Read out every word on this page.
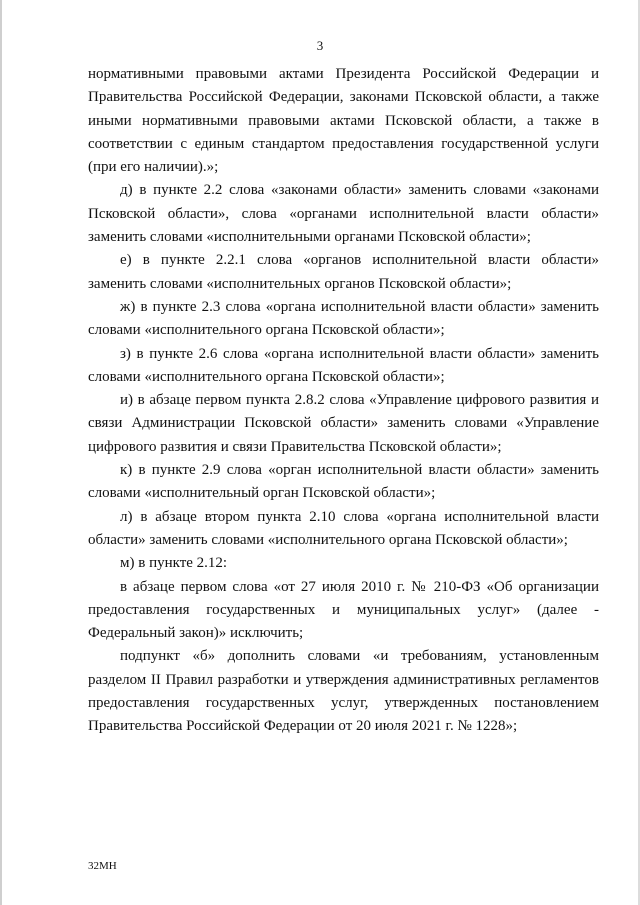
3

нормативными правовыми актами Президента Российской Федерации и Правительства Российской Федерации, законами Псковской области, а также иными нормативными правовыми актами Псковской области, а также в соответствии с единым стандартом предоставления государственной услуги (при его наличии).»;

д) в пункте 2.2 слова «законами области» заменить словами «законами Псковской области», слова «органами исполнительной власти области» заменить словами «исполнительными органами Псковской области»;

е) в пункте 2.2.1 слова «органов исполнительной власти области» заменить словами «исполнительных органов Псковской области»;

ж) в пункте 2.3 слова «органа исполнительной власти области» заменить словами «исполнительного органа Псковской области»;

з) в пункте 2.6 слова «органа исполнительной власти области» заменить словами «исполнительного органа Псковской области»;

и) в абзаце первом пункта 2.8.2 слова «Управление цифрового развития и связи Администрации Псковской области» заменить словами «Управление цифрового развития и связи Правительства Псковской области»;

к) в пункте 2.9 слова «орган исполнительной власти области» заменить словами «исполнительный орган Псковской области»;

л) в абзаце втором пункта 2.10 слова «органа исполнительной власти области» заменить словами «исполнительного органа Псковской области»;

м) в пункте 2.12:

в абзаце первом слова «от 27 июля 2010 г. № 210-ФЗ «Об организации предоставления государственных и муниципальных услуг» (далее - Федеральный закон)» исключить;

подпункт «б» дополнить словами «и требованиям, установленным разделом II Правил разработки и утверждения административных регламентов предоставления государственных услуг, утвержденных постановлением Правительства Российской Федерации от 20 июля 2021 г. № 1228»;

32МН
